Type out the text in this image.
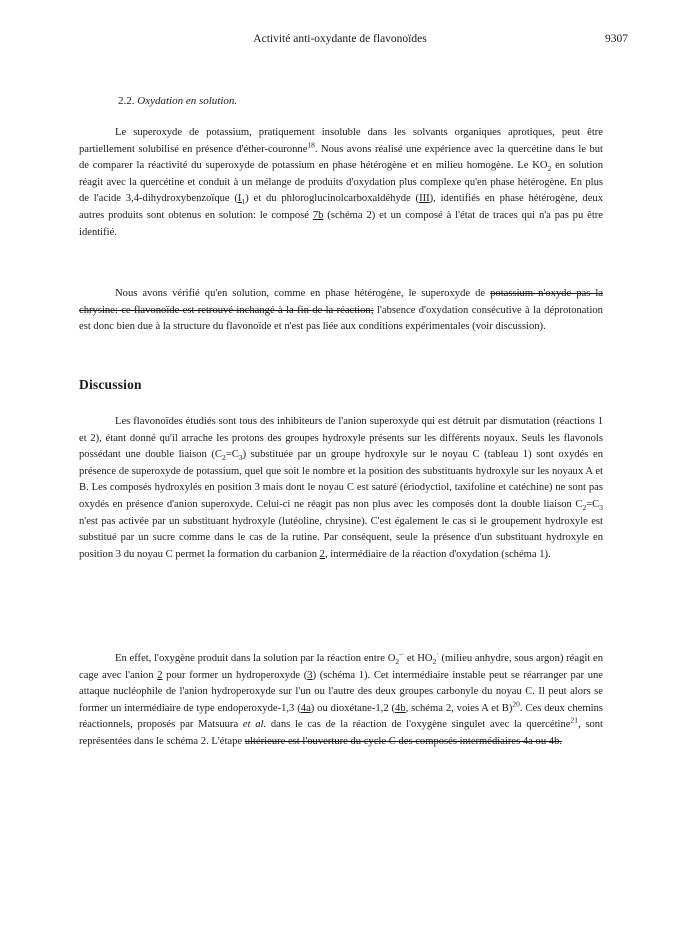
Activité anti-oxydante de flavonoïdes	9307
2.2. Oxydation en solution.

Le superoxyde de potassium, pratiquement insoluble dans les solvants organiques aprotiques, peut être partiellement solubilisé en présence d'éther-couronne$^{18}$. Nous avons réalisé une expérience avec la quercétine dans le but de comparer la réactivité du superoxyde de potassium en phase hétérogène et en milieu homogène. Le $KO_2$ en solution réagit avec la quercétine et conduit à un mélange de produits d'oxydation plus complexe qu'en phase hétérogène. En plus de l'acide 3,4-dihydroxybenzoïque $(I_1)$ et du phloroglucinolcarboxaldéhyde (III), identifiés en phase hétérogène, deux autres produits sont obtenus en solution: le composé 7b (schéma 2) et un composé à l'état de traces qui n'a pas pu être identifié.

Nous avons vérifié qu'en solution, comme en phase hétérogène, le superoxyde de potassium n'oxyde pas la chrysine: ce flavonoïde est retrouvé inchangé à la fin de la réaction; l'absence d'oxydation consécutive à la déprotonation est donc bien due à la structure du flavonoïde et n'est pas liée aux conditions expérimentales (voir discussion).

Discussion

Les flavonoïdes étudiés sont tous des inhibiteurs de l'anion superoxyde qui est détruit par dismutation (réactions 1 et 2), étant donné qu'il arrache les protons des groupes hydroxyle présents sur les différents noyaux. Seuls les flavonols possédant une double liaison $(C_2=C_3)$ substituée par un groupe hydroxyle sur le noyau C (tableau 1) sont oxydés en présence de superoxyde de potassium, quel que soit le nombre et la position des substituants hydroxyle sur les noyaux A et B. Les composés hydroxylés en position 3 mais dont le noyau C est saturé (ériodyctiol, taxifoline et catéchine) ne sont pas oxydés en présence d'anion superoxyde. Celui-ci ne réagit pas non plus avec les composés dont la double liaison $C_2=C_3$ n'est pas activée par un substituant hydroxyle (lutéoline, chrysine). C'est également le cas si le groupement hydroxyle est substitué par un sucre comme dans le cas de la rutine. Par conséquent, seule la présence d'un substituant hydroxyle en position 3 du noyau C permet la formation du carbanion 2, intermédiaire de la réaction d'oxydation (schéma 1).

En effet, l'oxygène produit dans la solution par la réaction entre $O_2^{-\cdot}$ et $HO_2^\cdot$ (milieu anhydre, sous argon) réagit en cage avec l'anion 2 pour former un hydroperoxyde (3) (schéma 1). Cet intermédiaire instable peut se réarranger par une attaque nucléophile de l'anion hydroperoxyde sur l'un ou l'autre des deux groupes carbonyle du noyau C. Il peut alors se former un intermédiaire de type endoperoxyde-1,3 (4a) ou dioxétane-1,2 (4b, schéma 2, voies A et B)$^{20}$. Ces deux chemins réactionnels, proposés par Matsuura et al. dans le cas de la réaction de l'oxygène singulet avec la quercétine$^{21}$, sont représentées dans le schéma 2. L'étape ultérieure est l'ouverture du cycle C des composés intermédiaires 4a ou 4b.
